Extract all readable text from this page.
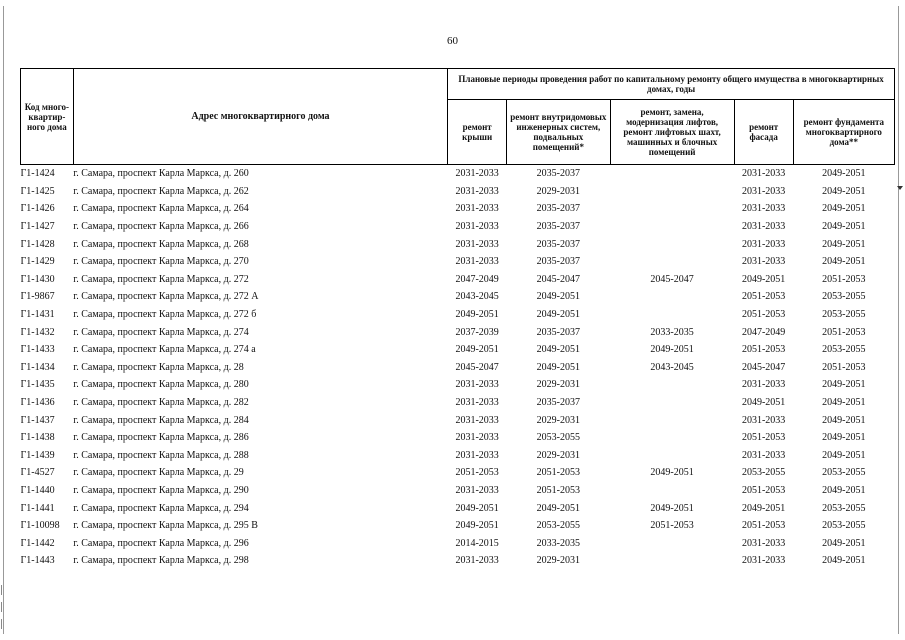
60
Код много-квартир-ного дома	Адрес многоквартирного дома	Плановые периоды проведения работ по капитальному ремонту общего имущества в многоквартирных домах, годы				
		ремонт крыши	ремонт внутридомовых инженерных систем, подвальных помещений*	ремонт, замена, модернизация лифтов, ремонт лифтовых шахт, машинных и блочных помещений	ремонт фасада	ремонт фундамента многоквартирного дома**
Г1-1424	г. Самара, проспект Карла Маркса, д. 260	2031-2033	2035-2037		2031-2033	2049-2051
Г1-1425	г. Самара, проспект Карла Маркса, д. 262	2031-2033	2029-2031		2031-2033	2049-2051
Г1-1426	г. Самара, проспект Карла Маркса, д. 264	2031-2033	2035-2037		2031-2033	2049-2051
Г1-1427	г. Самара, проспект Карла Маркса, д. 266	2031-2033	2035-2037		2031-2033	2049-2051
Г1-1428	г. Самара, проспект Карла Маркса, д. 268	2031-2033	2035-2037		2031-2033	2049-2051
Г1-1429	г. Самара, проспект Карла Маркса, д. 270	2031-2033	2035-2037		2031-2033	2049-2051
Г1-1430	г. Самара, проспект Карла Маркса, д. 272	2047-2049	2045-2047	2045-2047	2049-2051	2051-2053
Г1-9867	г. Самара, проспект Карла Маркса, д. 272 А	2043-2045	2049-2051		2051-2053	2053-2055
Г1-1431	г. Самара, проспект Карла Маркса, д. 272 б	2049-2051	2049-2051		2051-2053	2053-2055
Г1-1432	г. Самара, проспект Карла Маркса, д. 274	2037-2039	2035-2037	2033-2035	2047-2049	2051-2053
Г1-1433	г. Самара, проспект Карла Маркса, д. 274 а	2049-2051	2049-2051	2049-2051	2051-2053	2053-2055
Г1-1434	г. Самара, проспект Карла Маркса, д. 28	2045-2047	2049-2051	2043-2045	2045-2047	2051-2053
Г1-1435	г. Самара, проспект Карла Маркса, д. 280	2031-2033	2029-2031		2031-2033	2049-2051
Г1-1436	г. Самара, проспект Карла Маркса, д. 282	2031-2033	2035-2037		2049-2051	2049-2051
Г1-1437	г. Самара, проспект Карла Маркса, д. 284	2031-2033	2029-2031		2031-2033	2049-2051
Г1-1438	г. Самара, проспект Карла Маркса, д. 286	2031-2033	2053-2055		2051-2053	2049-2051
Г1-1439	г. Самара, проспект Карла Маркса, д. 288	2031-2033	2029-2031		2031-2033	2049-2051
Г1-4527	г. Самара, проспект Карла Маркса, д. 29	2051-2053	2051-2053	2049-2051	2053-2055	2053-2055
Г1-1440	г. Самара, проспект Карла Маркса, д. 290	2031-2033	2051-2053		2051-2053	2049-2051
Г1-1441	г. Самара, проспект Карла Маркса, д. 294	2049-2051	2049-2051	2049-2051	2049-2051	2053-2055
Г1-10098	г. Самара, проспект Карла Маркса, д. 295 В	2049-2051	2053-2055	2051-2053	2051-2053	2053-2055
Г1-1442	г. Самара, проспект Карла Маркса, д. 296	2014-2015	2033-2035		2031-2033	2049-2051
Г1-1443	г. Самара, проспект Карла Маркса, д. 298	2031-2033	2029-2031		2031-2033	2049-2051
